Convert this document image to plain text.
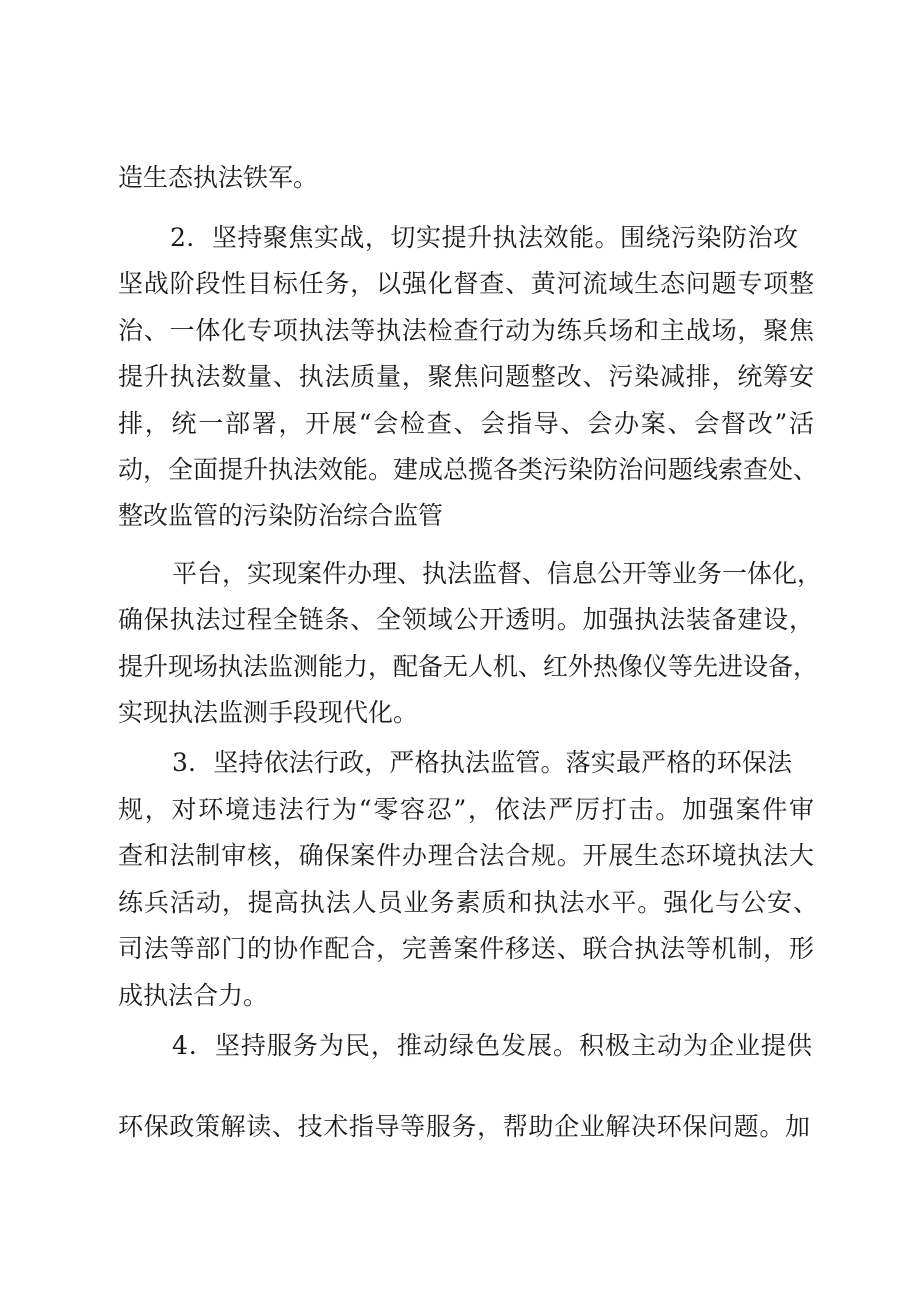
造生态执法铁军。
2．坚持聚焦实战，切实提升执法效能。围绕污染防治攻
坚战阶段性目标任务，以强化督查、黄河流域生态问题专项整
治、一体化专项执法等执法检查行动为练兵场和主战场，聚焦
提升执法数量、执法质量，聚焦问题整改、污染减排，统筹安
排，统一部署，开展“会检查、会指导、会办案、会督改”活
动，全面提升执法效能。建成总揽各类污染防治问题线索查处、
整改监管的污染防治综合监管
平台，实现案件办理、执法监督、信息公开等业务一体化，
确保执法过程全链条、全领域公开透明。加强执法装备建设，
提升现场执法监测能力，配备无人机、红外热像仪等先进设备，
实现执法监测手段现代化。
3．坚持依法行政，严格执法监管。落实最严格的环保法
规，对环境违法行为“零容忍”，依法严厉打击。加强案件审
查和法制审核，确保案件办理合法合规。开展生态环境执法大
练兵活动，提高执法人员业务素质和执法水平。强化与公安、
司法等部门的协作配合，完善案件移送、联合执法等机制，形
成执法合力。
4．坚持服务为民，推动绿色发展。积极主动为企业提供
环保政策解读、技术指导等服务，帮助企业解决环保问题。加
